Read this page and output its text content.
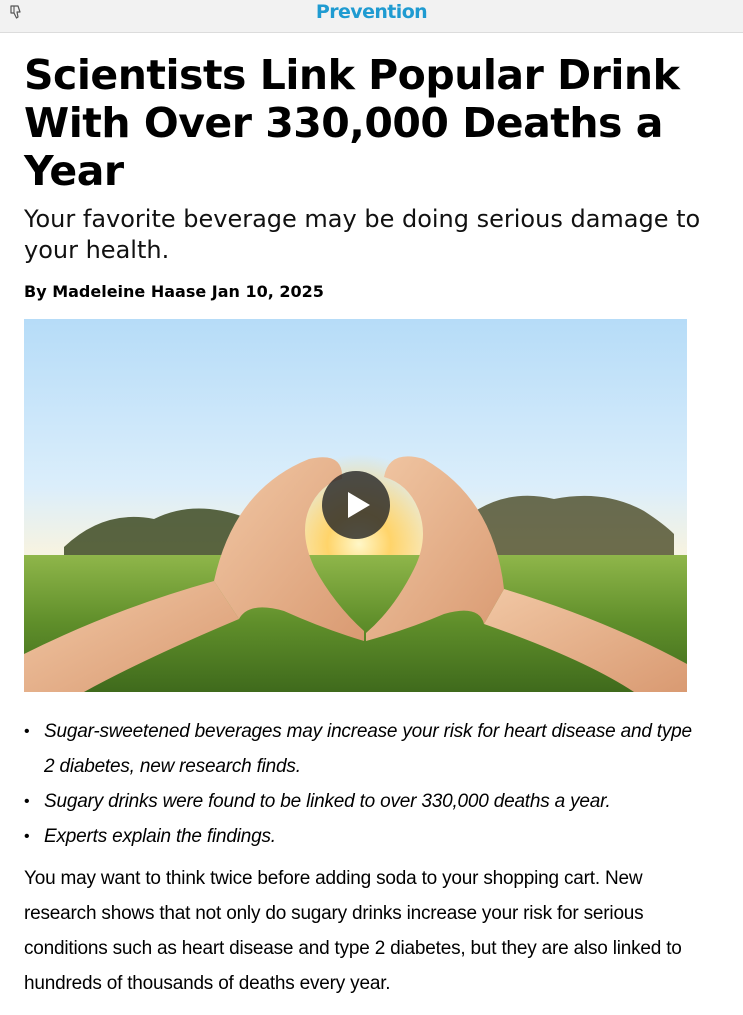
Prevention
Scientists Link Popular Drink With Over 330,000 Deaths a Year

Your favorite beverage may be doing serious damage to your health.

By Madeleine Haase Jan 10, 2025

• Sugar-sweetened beverages may increase your risk for heart disease and type 2 diabetes, new research finds.
• Sugary drinks were found to be linked to over 330,000 deaths a year.
• Experts explain the findings.

You may want to think twice before adding soda to your shopping cart. New research shows that not only do sugary drinks increase your risk for serious conditions such as heart disease and type 2 diabetes, but they are also linked to hundreds of thousands of deaths every year.
